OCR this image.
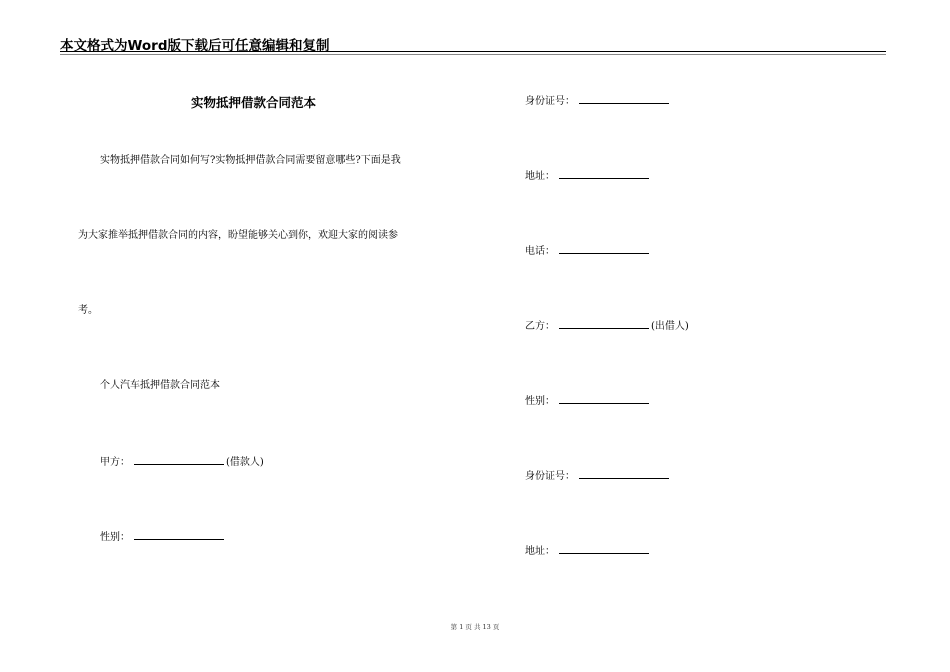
本文格式为Word版下载后可任意编辑和复制
实物抵押借款合同范本
实物抵押借款合同如何写?实物抵押借款合同需要留意哪些?下面是我
为大家推举抵押借款合同的内容，盼望能够关心到你，欢迎大家的阅读参
考。
个人汽车抵押借款合同范本
甲方：	(借款人)
性别：
身份证号：
地址：
电话：
乙方：	(出借人)
性别：
身份证号：
地址：
第 1 页 共 13 页
